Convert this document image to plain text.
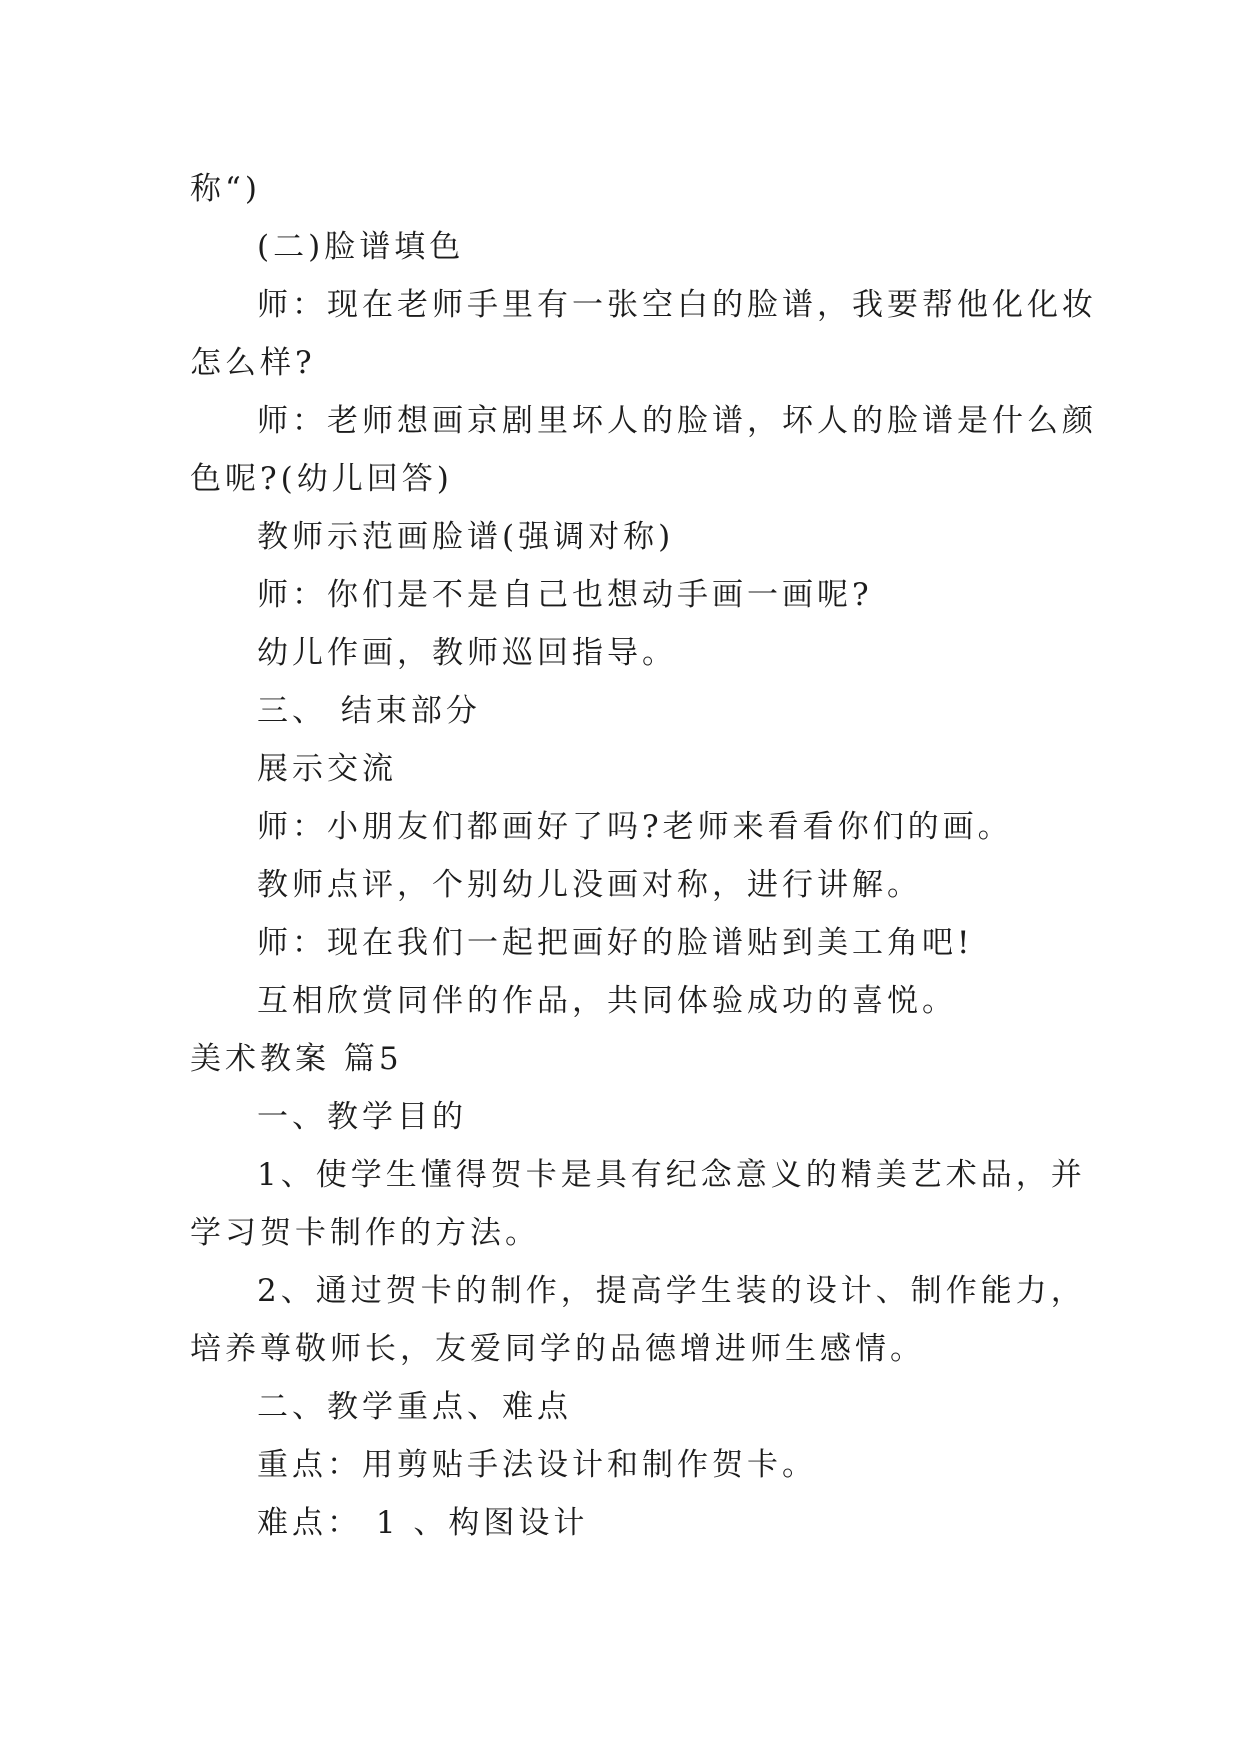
称“)

(二)脸谱填色

师：现在老师手里有一张空白的脸谱，我要帮他化化妆
怎么样?

师：老师想画京剧里坏人的脸谱，坏人的脸谱是什么颜
色呢?(幼儿回答)

教师示范画脸谱(强调对称)

师：你们是不是自己也想动手画一画呢?

幼儿作画，教师巡回指导。

三、 结束部分

展示交流

师：小朋友们都画好了吗?老师来看看你们的画。

教师点评，个别幼儿没画对称，进行讲解。

师：现在我们一起把画好的脸谱贴到美工角吧!

互相欣赏同伴的作品，共同体验成功的喜悦。

美术教案 篇5

一、教学目的

1、使学生懂得贺卡是具有纪念意义的精美艺术品，并
学习贺卡制作的方法。

2、通过贺卡的制作，提高学生装的设计、制作能力，
培养尊敬师长，友爱同学的品德增进师生感情。

二、教学重点、难点

重点：用剪贴手法设计和制作贺卡。

难点： 1 、构图设计
